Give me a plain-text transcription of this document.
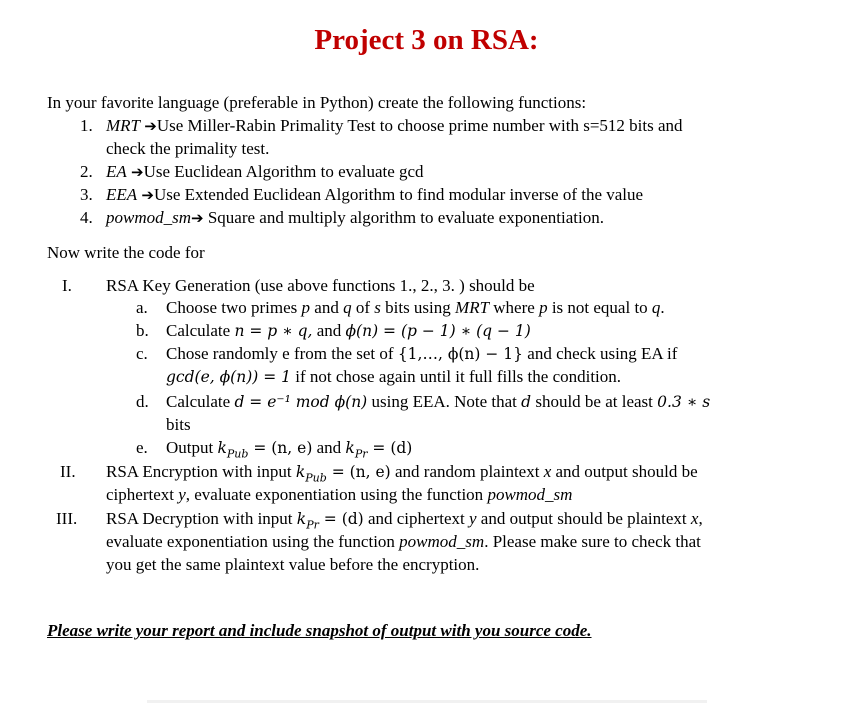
Project 3 on RSA:
In your favorite language (preferable in Python) create the following functions:
1. MRT ➔Use Miller-Rabin Primality Test to choose prime number with s=512 bits and
check the primality test.
2. EA ➔Use Euclidean Algorithm to evaluate gcd
3. EEA ➔Use Extended Euclidean Algorithm to find modular inverse of the value
4. powmod_sm➔ Square and multiply algorithm to evaluate exponentiation.
Now write the code for
I. RSA Key Generation (use above functions 1., 2., 3. ) should be
a. Choose two primes p and q of s bits using MRT where p is not equal to q.
b. Calculate n = p ∗ q, and ϕ(n) = (p − 1) ∗ (q − 1)
c. Chose randomly e from the set of {1,…, ϕ(n) − 1} and check using EA if
gcd(e, ϕ(n)) = 1 if not chose again until it full fills the condition.
d. Calculate d = e⁻¹ mod ϕ(n) using EEA. Note that d should be at least 0.3 ∗ s
bits
e. Output $k_{Pub} = (n$, e) and $k_{Pr} = (d)$
II. RSA Encryption with input $k_{Pub} = (n$, e) and random plaintext x and output should be
ciphertext y, evaluate exponentiation using the function powmod_sm
III. RSA Decryption with input $k_{Pr} = (d)$ and ciphertext y and output should be plaintext x,
evaluate exponentiation using the function powmod_sm. Please make sure to check that
you get the same plaintext value before the encryption.
Please write your report and include snapshot of output with you source code.
